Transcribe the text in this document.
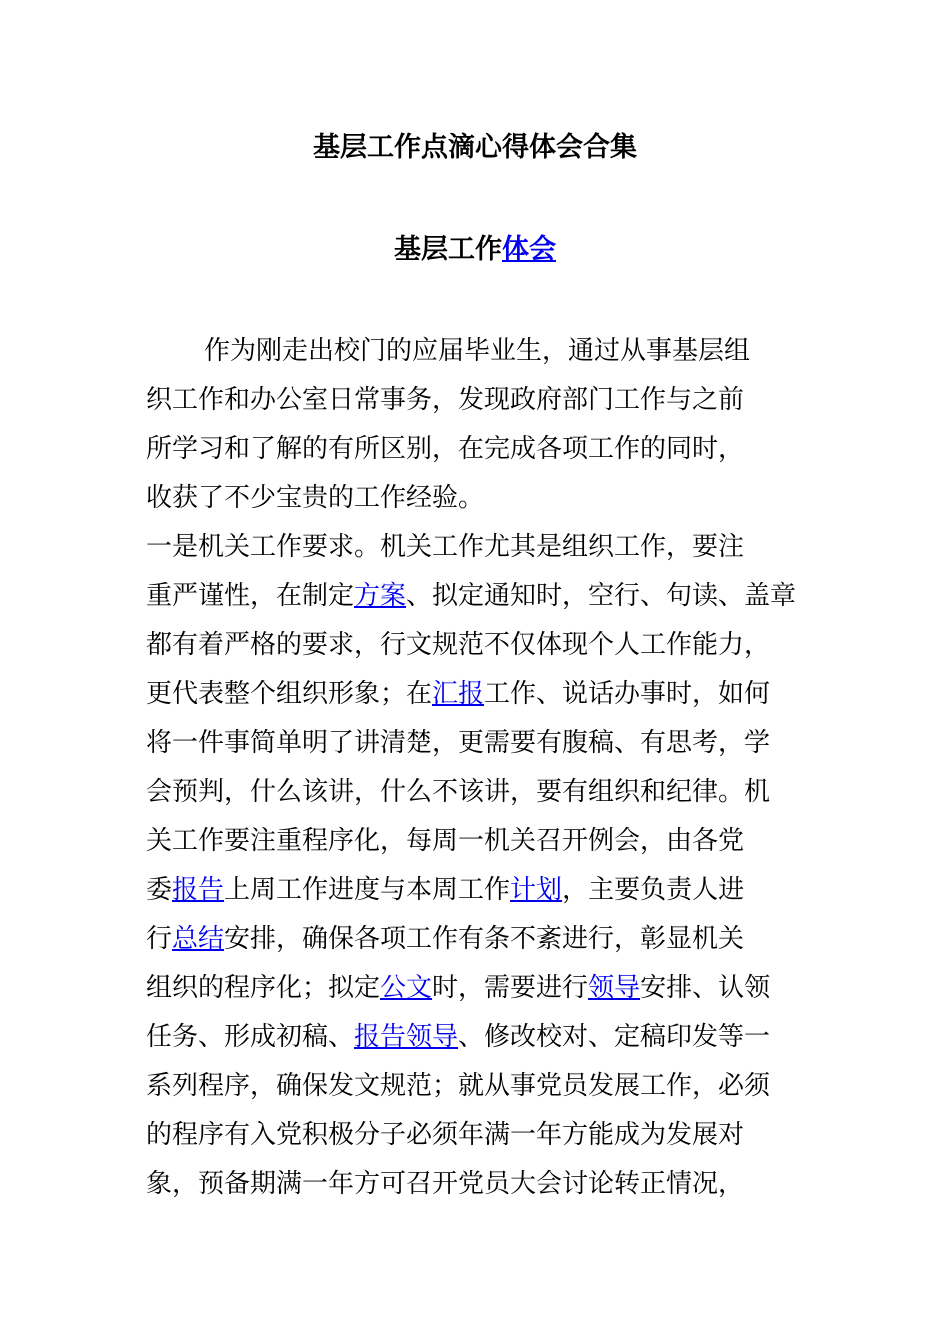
基层工作点滴心得体会合集
基层工作体会
作为刚走出校门的应届毕业生，通过从事基层组
织工作和办公室日常事务，发现政府部门工作与之前
所学习和了解的有所区别，在完成各项工作的同时，
收获了不少宝贵的工作经验。
一是机关工作要求。机关工作尤其是组织工作，要注
重严谨性，在制定方案、拟定通知时，空行、句读、盖章
都有着严格的要求，行文规范不仅体现个人工作能力，
更代表整个组织形象；在汇报工作、说话办事时，如何
将一件事简单明了讲清楚，更需要有腹稿、有思考，学
会预判，什么该讲，什么不该讲，要有组织和纪律。机
关工作要注重程序化，每周一机关召开例会，由各党
委报告上周工作进度与本周工作计划，主要负责人进
行总结安排，确保各项工作有条不紊进行，彰显机关
组织的程序化；拟定公文时，需要进行领导安排、认领
任务、形成初稿、报告领导、修改校对、定稿印发等一
系列程序，确保发文规范；就从事党员发展工作，必须
的程序有入党积极分子必须年满一年方能成为发展对
象，预备期满一年方可召开党员大会讨论转正情况，
